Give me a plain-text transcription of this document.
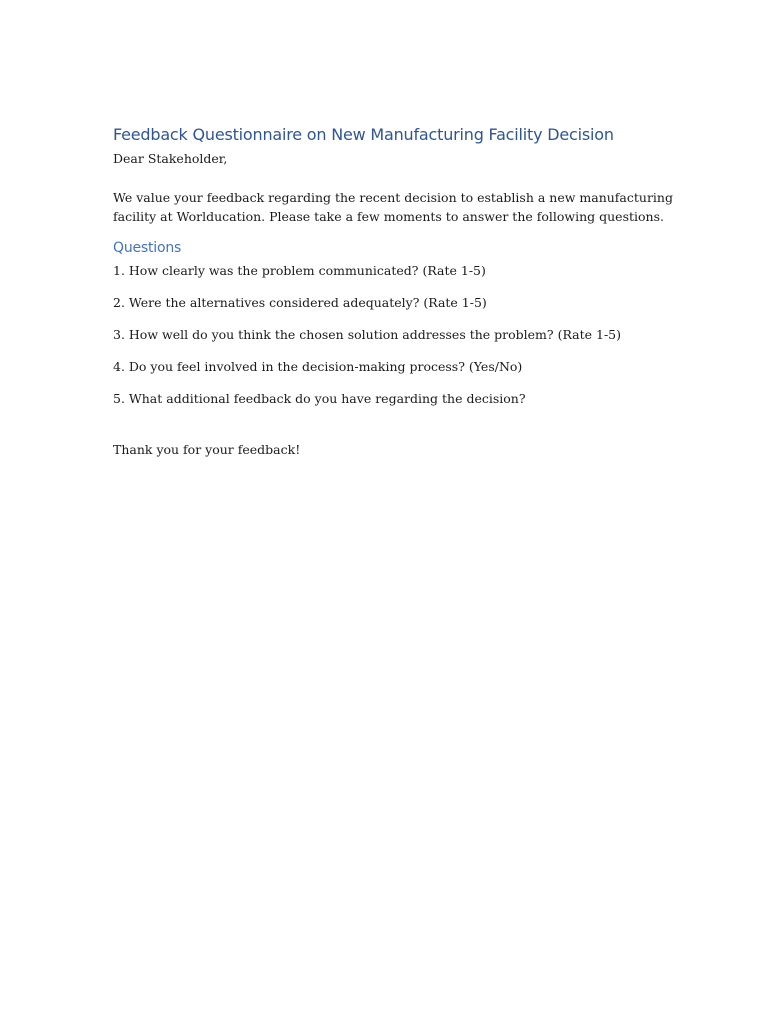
Feedback Questionnaire on New Manufacturing Facility Decision

Dear Stakeholder,

We value your feedback regarding the recent decision to establish a new manufacturing facility at Worlducation. Please take a few moments to answer the following questions.

Questions
1. How clearly was the problem communicated? (Rate 1-5)
2. Were the alternatives considered adequately? (Rate 1-5)
3. How well do you think the chosen solution addresses the problem? (Rate 1-5)
4. Do you feel involved in the decision-making process? (Yes/No)
5. What additional feedback do you have regarding the decision?

Thank you for your feedback!
